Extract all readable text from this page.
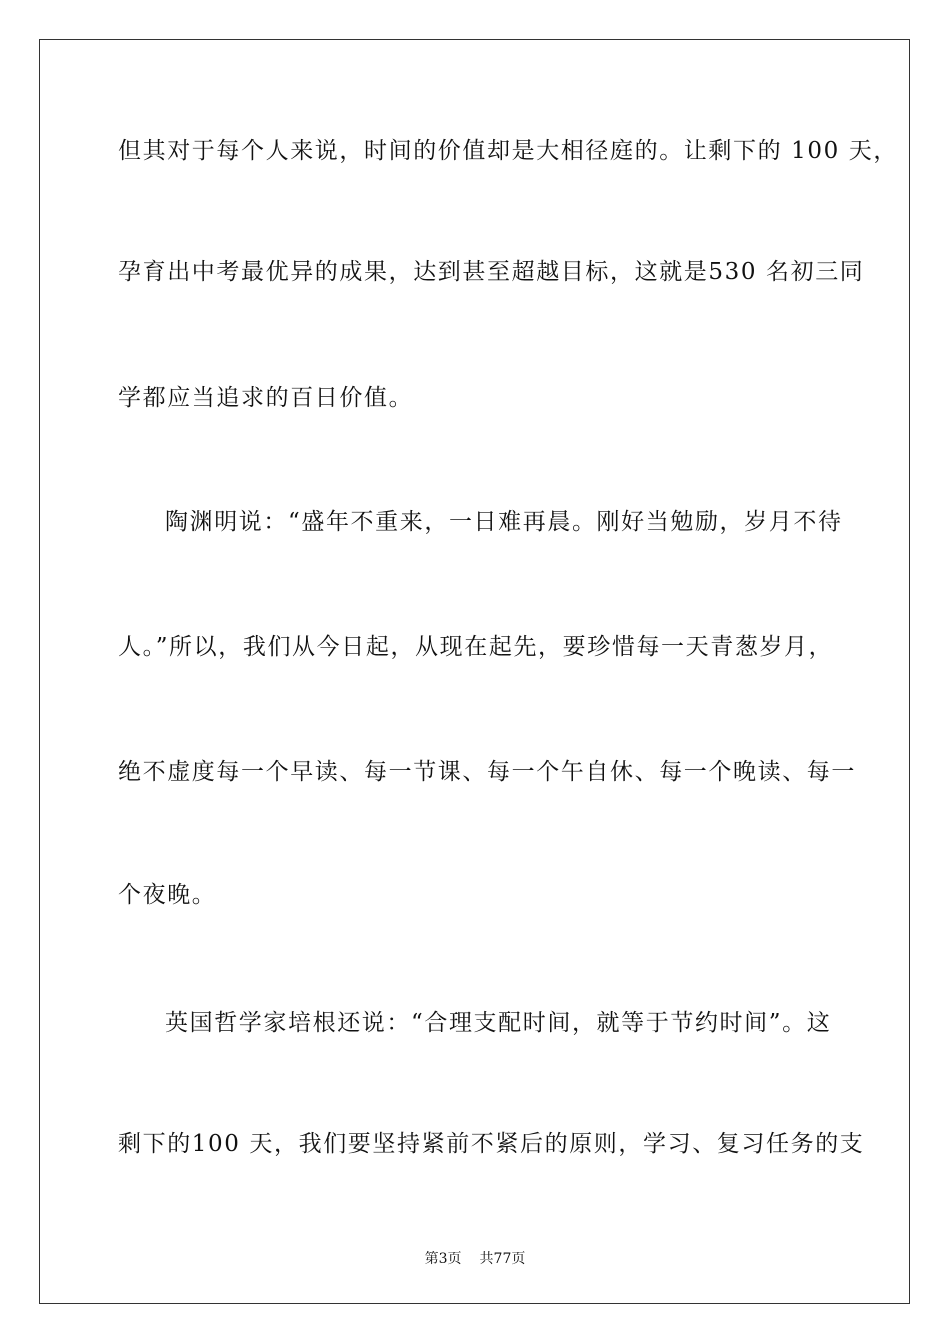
但其对于每个人来说，时间的价值却是大相径庭的。让剩下的 100 天，
孕育出中考最优异的成果，达到甚至超越目标，这就是530 名初三同
学都应当追求的百日价值。
陶渊明说：“盛年不重来，一日难再晨。刚好当勉励，岁月不待
人。”所以，我们从今日起，从现在起先，要珍惜每一天青葱岁月，
绝不虚度每一个早读、每一节课、每一个午自休、每一个晚读、每一
个夜晚。
英国哲学家培根还说：“合理支配时间，就等于节约时间”。这
剩下的100 天，我们要坚持紧前不紧后的原则，学习、复习任务的支
第3页 共77页
